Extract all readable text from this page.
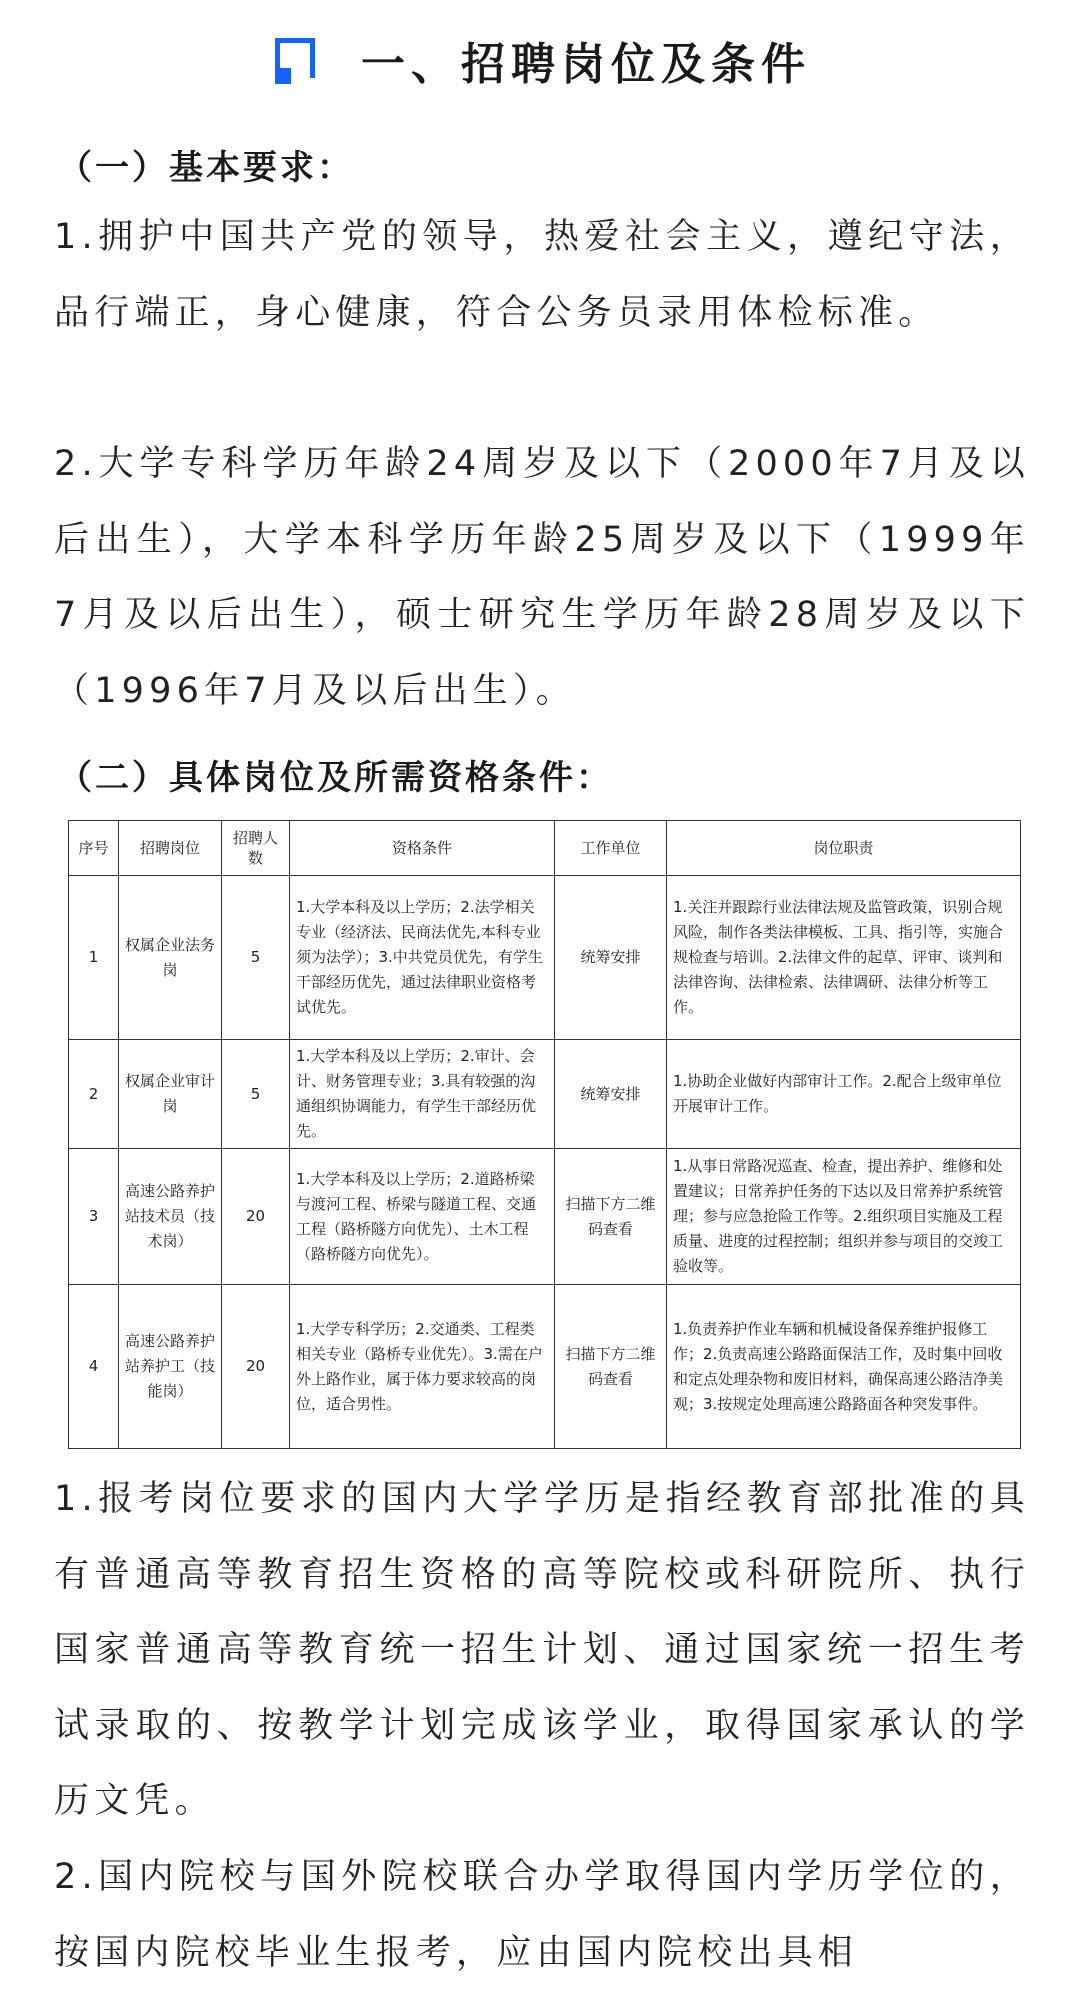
一、招聘岗位及条件
（一）基本要求：

1.拥护中国共产党的领导，热爱社会主义，遵纪守法，品行端正，身心健康，符合公务员录用体检标准。

2.大学专科学历年龄24周岁及以下（2000年7月及以后出生），大学本科学历年龄25周岁及以下（1999年7月及以后出生），硕士研究生学历年龄28周岁及以下（1996年7月及以后出生）。

（二）具体岗位及所需资格条件：
序号	招聘岗位	招聘人数	资格条件	工作单位	岗位职责
1	权属企业法务岗	5	1.大学本科及以上学历；2.法学相关专业（经济法、民商法优先,本科专业须为法学）；3.中共党员优先，有学生干部经历优先，通过法律职业资格考试优先。	统筹安排	1.关注并跟踪行业法律法规及监管政策，识别合规风险，制作各类法律模板、工具、指引等，实施合规检查与培训。2.法律文件的起草、评审、谈判和法律咨询、法律检索、法律调研、法律分析等工作。
2	权属企业审计岗	5	1.大学本科及以上学历；2.审计、会计、财务管理专业；3.具有较强的沟通组织协调能力，有学生干部经历优先。	统筹安排	1.协助企业做好内部审计工作。2.配合上级审单位开展审计工作。
3	高速公路养护站技术员（技术岗）	20	1.大学本科及以上学历；2.道路桥梁与渡河工程、桥梁与隧道工程、交通工程（路桥隧方向优先）、土木工程（路桥隧方向优先）。	扫描下方二维码查看	1.从事日常路况巡查、检查，提出养护、维修和处置建议；日常养护任务的下达以及日常养护系统管理；参与应急抢险工作等。2.组织项目实施及工程质量、进度的过程控制；组织并参与项目的交竣工验收等。
4	高速公路养护站养护工（技能岗）	20	1.大学专科学历；2.交通类、工程类相关专业（路桥专业优先）。3.需在户外上路作业，属于体力要求较高的岗位，适合男性。	扫描下方二维码查看	1.负责养护作业车辆和机械设备保养维护报修工作；2.负责高速公路路面保洁工作，及时集中回收和定点处理杂物和废旧材料，确保高速公路洁净美观；3.按规定处理高速公路路面各种突发事件。

1.报考岗位要求的国内大学学历是指经教育部批准的具有普通高等教育招生资格的高等院校或科研院所、执行国家普通高等教育统一招生计划、通过国家统一招生考试录取的、按教学计划完成该学业，取得国家承认的学历文凭。

2.国内院校与国外院校联合办学取得国内学历学位的，按国内院校毕业生报考，应由国内院校出具相
